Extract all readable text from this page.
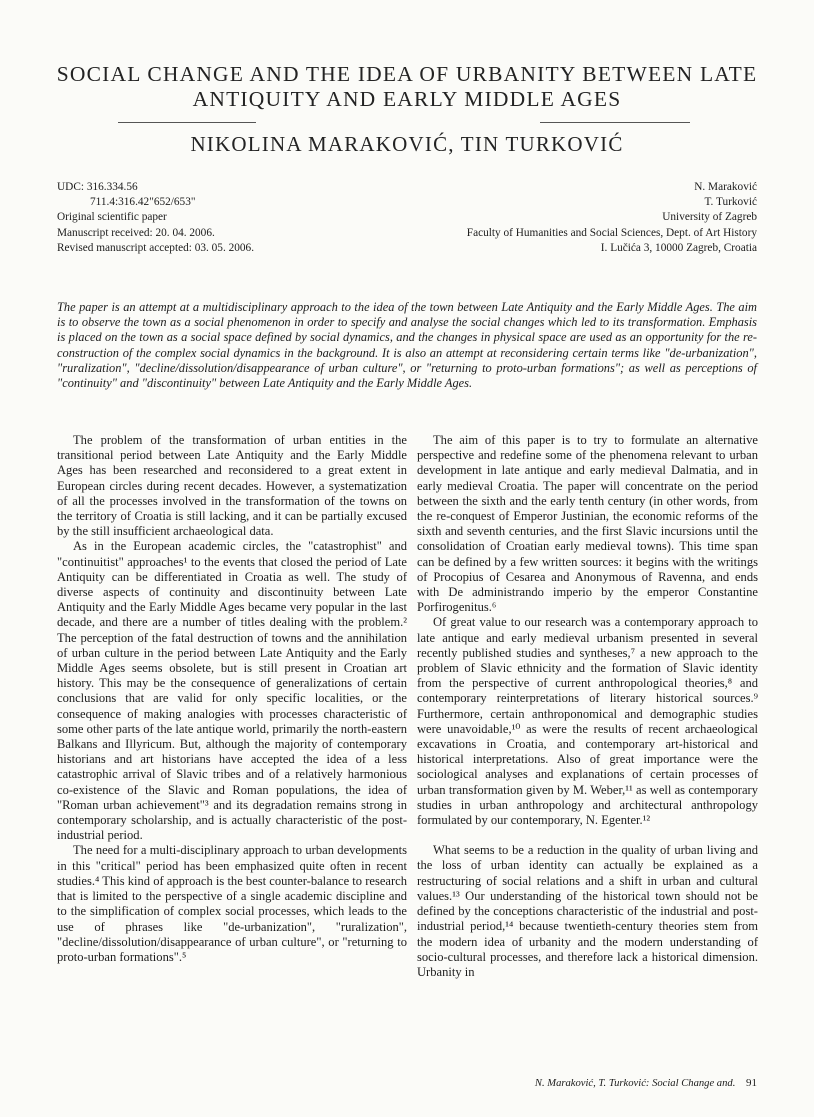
SOCIAL CHANGE AND THE IDEA OF URBANITY BETWEEN LATE
ANTIQUITY AND EARLY MIDDLE AGES
NIKOLINA MARAKOVIĆ, TIN TURKOVIĆ
UDC: 316.334.56
711.4:316.42"652/653"
Original scientific paper
Manuscript received: 20. 04. 2006.
Revised manuscript accepted: 03. 05. 2006.
N. Maraković
T. Turković
University of Zagreb
Faculty of Humanities and Social Sciences, Dept. of Art History
I. Lučića 3, 10000 Zagreb, Croatia

The paper is an attempt at a multidisciplinary approach to the idea of the town between Late Antiquity and the Early Middle Ages. The aim is to observe the town as a social phenomenon in order to specify and analyse the social changes which led to its transformation. Emphasis is placed on the town as a social space defined by social dynamics, and the changes in physical space are used as an opportunity for the re-construction of the complex social dynamics in the background. It is also an attempt at reconsidering certain terms like "de-urbanization", "ruralization", "decline/dissolution/disappearance of urban culture", or "returning to proto-urban formations"; as well as perceptions of "continuity" and "discontinuity" between Late Antiquity and the Early Middle Ages.

The problem of the transformation of urban entities in the transitional period between Late Antiquity and the Early Middle Ages has been researched and reconsidered to a great extent in European circles during recent decades. However, a systematization of all the processes involved in the transformation of the towns on the territory of Croatia is still lacking, and it can be partially excused by the still insufficient archaeological data.

As in the European academic circles, the "catastrophist" and "continuitist" approaches¹ to the events that closed the period of Late Antiquity can be differentiated in Croatia as well. The study of diverse aspects of continuity and discontinuity between Late Antiquity and the Early Middle Ages became very popular in the last decade, and there are a number of titles dealing with the problem.² The perception of the fatal destruction of towns and the annihilation of urban culture in the period between Late Antiquity and the Early Middle Ages seems obsolete, but is still present in Croatian art history. This may be the consequence of generalizations of certain conclusions that are valid for only specific localities, or the consequence of making analogies with processes characteristic of some other parts of the late antique world, primarily the north-eastern Balkans and Illyricum. But, although the majority of contemporary historians and art historians have accepted the idea of a less catastrophic arrival of Slavic tribes and of a relatively harmonious co-existence of the Slavic and Roman populations, the idea of "Roman urban achievement"³ and its degradation remains strong in contemporary scholarship, and is actually characteristic of the post-industrial period.

The need for a multi-disciplinary approach to urban developments in this "critical" period has been emphasized quite often in recent studies.⁴ This kind of approach is the best counter-balance to research that is limited to the perspective of a single academic discipline and to the simplification of complex social processes, which leads to the use of phrases like "de-urbanization", "ruralization", "decline/dissolution/disappearance of urban culture", or "returning to proto-urban formations".⁵

The aim of this paper is to try to formulate an alternative perspective and redefine some of the phenomena relevant to urban development in late antique and early medieval Dalmatia, and in early medieval Croatia. The paper will concentrate on the period between the sixth and the early tenth century (in other words, from the re-conquest of Emperor Justinian, the economic reforms of the sixth and seventh centuries, and the first Slavic incursions until the consolidation of Croatian early medieval towns). This time span can be defined by a few written sources: it begins with the writings of Procopius of Cesarea and Anonymous of Ravenna, and ends with De administrando imperio by the emperor Constantine Porfirogenitus.⁶

Of great value to our research was a contemporary approach to late antique and early medieval urbanism presented in several recently published studies and syntheses,⁷ a new approach to the problem of Slavic ethnicity and the formation of Slavic identity from the perspective of current anthropological theories,⁸ and contemporary reinterpretations of literary historical sources.⁹ Furthermore, certain anthroponomical and demographic studies were unavoidable,¹⁰ as were the results of recent archaeological excavations in Croatia, and contemporary art-historical and historical interpretations. Also of great importance were the sociological analyses and explanations of certain processes of urban transformation given by M. Weber,¹¹ as well as contemporary studies in urban anthropology and architectural anthropology formulated by our contemporary, N. Egenter.¹²

What seems to be a reduction in the quality of urban living and the loss of urban identity can actually be explained as a restructuring of social relations and a shift in urban and cultural values.¹³ Our understanding of the historical town should not be defined by the conceptions characteristic of the industrial and post-industrial period,¹⁴ because twentieth-century theories stem from the modern idea of urbanity and the modern understanding of socio-cultural processes, and therefore lack a historical dimension. Urbanity in

N. Maraković, T. Turković: Social Change and. 91
